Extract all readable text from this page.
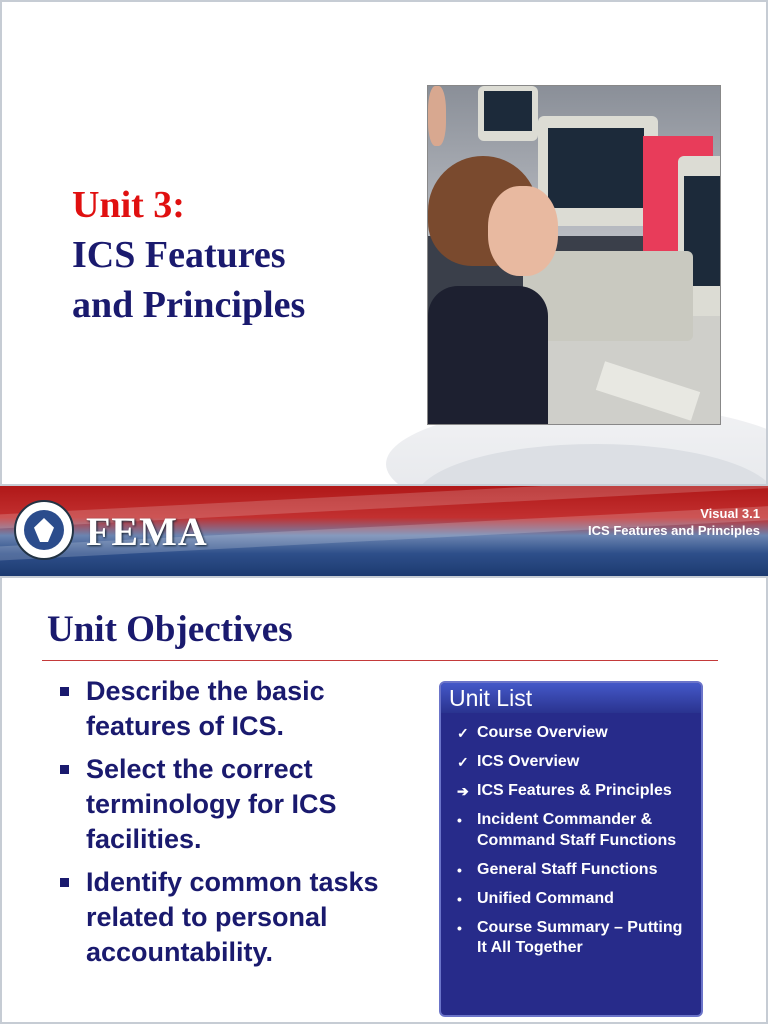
Unit 3:
ICS Features
and Principles
FEMA	Visual 3.1
ICS Features and Principles
Unit Objectives
Describe the basic features of ICS.
Select the correct terminology for ICS facilities.
Identify common tasks related to personal accountability.
Unit List
✓ Course Overview
✓ ICS Overview
➔ ICS Features & Principles
• Incident Commander & Command Staff Functions
• General Staff Functions
• Unified Command
• Course Summary – Putting It All Together
